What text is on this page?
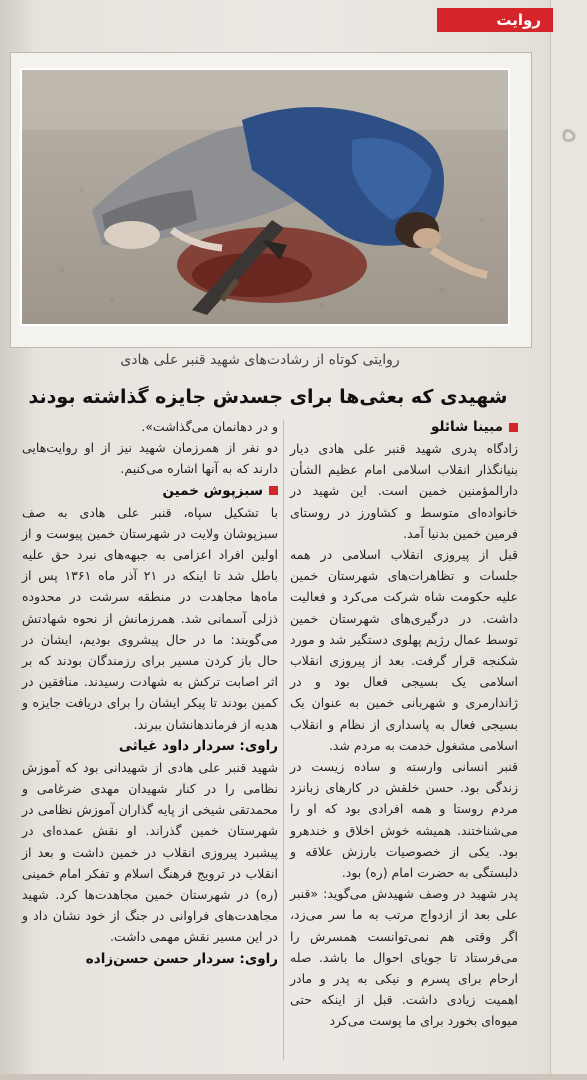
ه
روایت
روایتی کوتاه از رشادت‌های شهید قنبر علی هادی
شهیدی که بعثی‌ها برای جسدش جایزه گذاشته بودند
مبینا شائلو

زادگاه پدری شهید قنبر علی هادی دیار بنیانگذار انقلاب اسلامی امام عظیم الشأن دارالمؤمنین خمین است. این شهید در خانواده‌ای متوسط و کشاورز در روستای فرمین خمین بدنیا آمد.

قبل از پیروزی انقلاب اسلامی در همه جلسات و تظاهرات‌های شهرستان خمین علیه حکومت شاه شرکت می‌کرد و فعالیت داشت. در درگیری‌های شهرستان خمین توسط عمال رژیم پهلوی دستگیر شد و مورد شکنجه قرار گرفت. بعد از پیروزی انقلاب اسلامی یک بسیجی فعال بود و در ژاندارمری و شهربانی خمین به عنوان یک بسیجی فعال به پاسداری از نظام و انقلاب اسلامی مشغول خدمت به مردم شد.

قنبر انسانی وارسته و ساده زیست در زندگی بود. حسن خلقش در کارهای زبانزد مردم روستا و همه افرادی بود که او را می‌شناختند. همیشه خوش اخلاق و خندهرو بود. یکی از خصوصیات بارزش علاقه و دلبستگی به حضرت امام (ره) بود.

پدر شهید در وصف شهیدش می‌گوید: «قنبر علی بعد از ازدواج مرتب به ما سر می‌زد، اگر وقتی هم نمی‌توانست همسرش را می‌فرستاد تا جویای احوال ما باشد. صله ارحام برای پسرم و نیکی به پدر و مادر اهمیت زیادی داشت. قبل از اینکه حتی میوه‌ای بخورد برای ما پوست می‌کرد

و در دهانمان می‌گذاشت».

دو نفر از همرزمان شهید نیز از او روایت‌هایی دارند که به آنها اشاره می‌کنیم.

سبزپوش خمین

با تشکیل سپاه، قنبر علی هادی به صف سبزپوشان ولایت در شهرستان خمین پیوست و از اولین افراد اعزامی به جبهه‌های نبرد حق علیه باطل شد تا اینکه در ۲۱ آذر ماه ۱۳۶۱ پس از ماه‌ها مجاهدت در منطقه سرشت در محدوده ذزلی آسمانی شد. همرزمانش از نحوه شهادتش می‌گویند: ما در حال پیشروی بودیم، ایشان در حال باز کردن مسیر برای رزمندگان بودند که بر اثر اصابت ترکش به شهادت رسیدند. منافقین در کمین بودند تا پیکر ایشان را برای دریافت جایزه و هدیه از فرماندهانشان ببرند.

راوی: سردار داود غیاثی

شهید قنبر علی هادی از شهیدانی بود که آموزش نظامی را در کنار شهیدان مهدی ضرغامی و محمدتقی شیخی از پایه گذاران آموزش نظامی در شهرستان خمین گذراند. او نقش عمده‌ای در پیشبرد پیروزی انقلاب در خمین داشت و بعد از انقلاب در ترویج فرهنگ اسلام و تفکر امام خمینی (ره) در شهرستان خمین مجاهدت‌ها کرد. شهید مجاهدت‌های فراوانی در جنگ از خود نشان داد و در این مسیر نقش مهمی داشت.

راوی: سردار حسن حسن‌زاده
